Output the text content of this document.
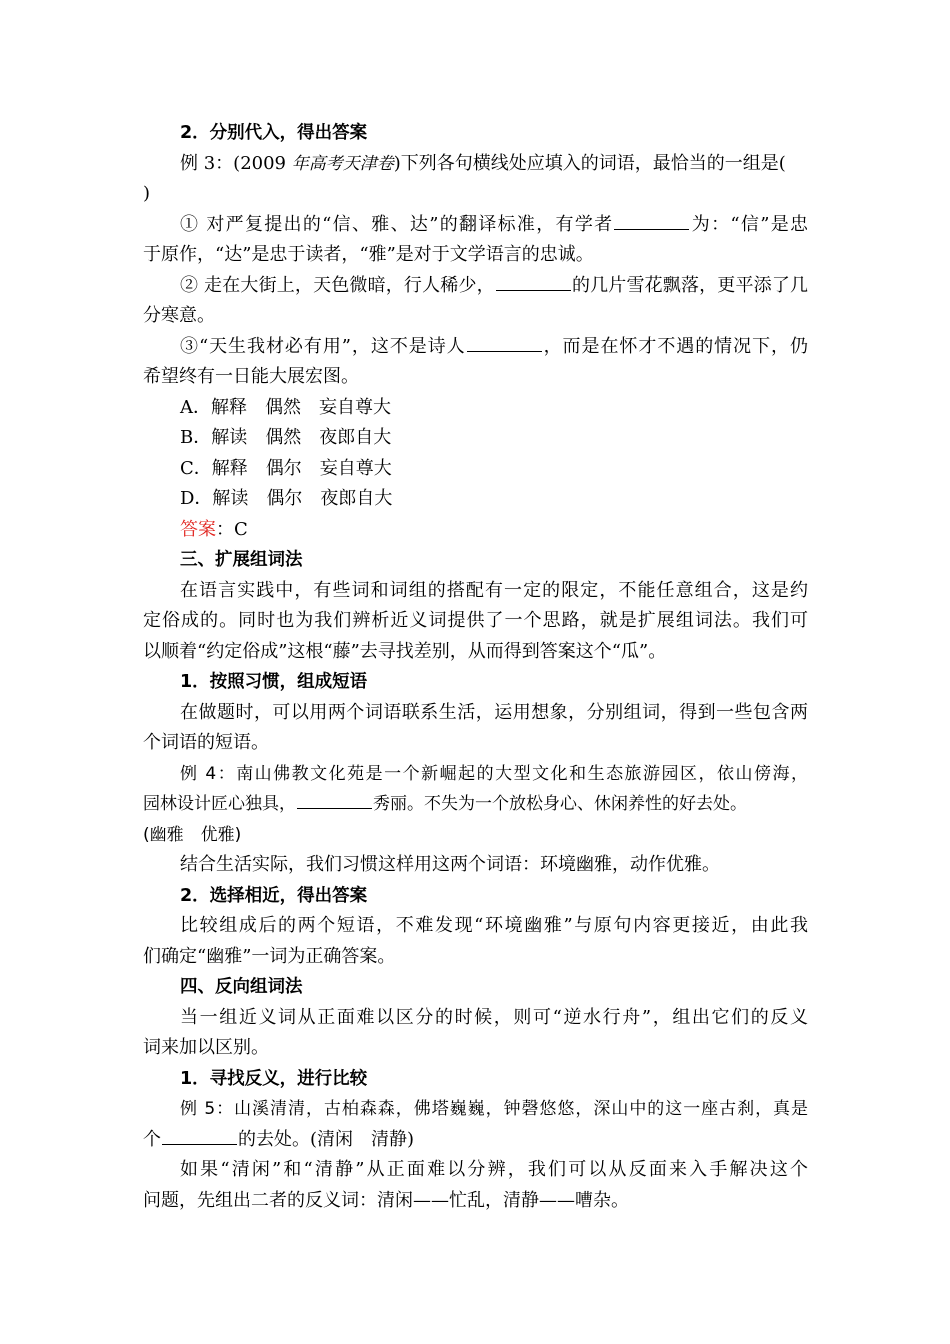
2．分别代入，得出答案
例 3：(2009 年高考天津卷)下列各句横线处应填入的词语，最恰当的一组是(
)
① 对严复提出的“信、雅、达”的翻译标准，有学者	为：“信”是忠
于原作，“达”是忠于读者，“雅”是对于文学语言的忠诚。
② 走在大街上，天色微暗，行人稀少，	的几片雪花飘落，更平添了几
分寒意。
③“天生我材必有用”，这不是诗人	，而是在怀才不遇的情况下，仍
希望终有一日能大展宏图。
A．解释　偶然　妄自尊大
B．解读　偶然　夜郎自大
C．解释　偶尔　妄自尊大
D．解读　偶尔　夜郎自大
答案：C
三、扩展组词法
在语言实践中，有些词和词组的搭配有一定的限定，不能任意组合，这是约
定俗成的。同时也为我们辨析近义词提供了一个思路，就是扩展组词法。我们可
以顺着“约定俗成”这根“藤”去寻找差别，从而得到答案这个“瓜”。
1．按照习惯，组成短语
在做题时，可以用两个词语联系生活，运用想象，分别组词，得到一些包含两
个词语的短语。
例 4：南山佛教文化苑是一个新崛起的大型文化和生态旅游园区，依山傍海，
园林设计匠心独具，	秀丽。不失为一个放松身心、休闲养性的好去处。
(幽雅　优雅)
结合生活实际，我们习惯这样用这两个词语：环境幽雅，动作优雅。
2．选择相近，得出答案
比较组成后的两个短语，不难发现“环境幽雅”与原句内容更接近，由此我
们确定“幽雅”一词为正确答案。
四、反向组词法
当一组近义词从正面难以区分的时候，则可“逆水行舟”，组出它们的反义
词来加以区别。
1．寻找反义，进行比较
例 5：山溪清清，古柏森森，佛塔巍巍，钟磬悠悠，深山中的这一座古刹，真是
个	的去处。(清闲　清静)
如果“清闲”和“清静”从正面难以分辨，我们可以从反面来入手解决这个
问题，先组出二者的反义词：清闲——忙乱，清静——嘈杂。
